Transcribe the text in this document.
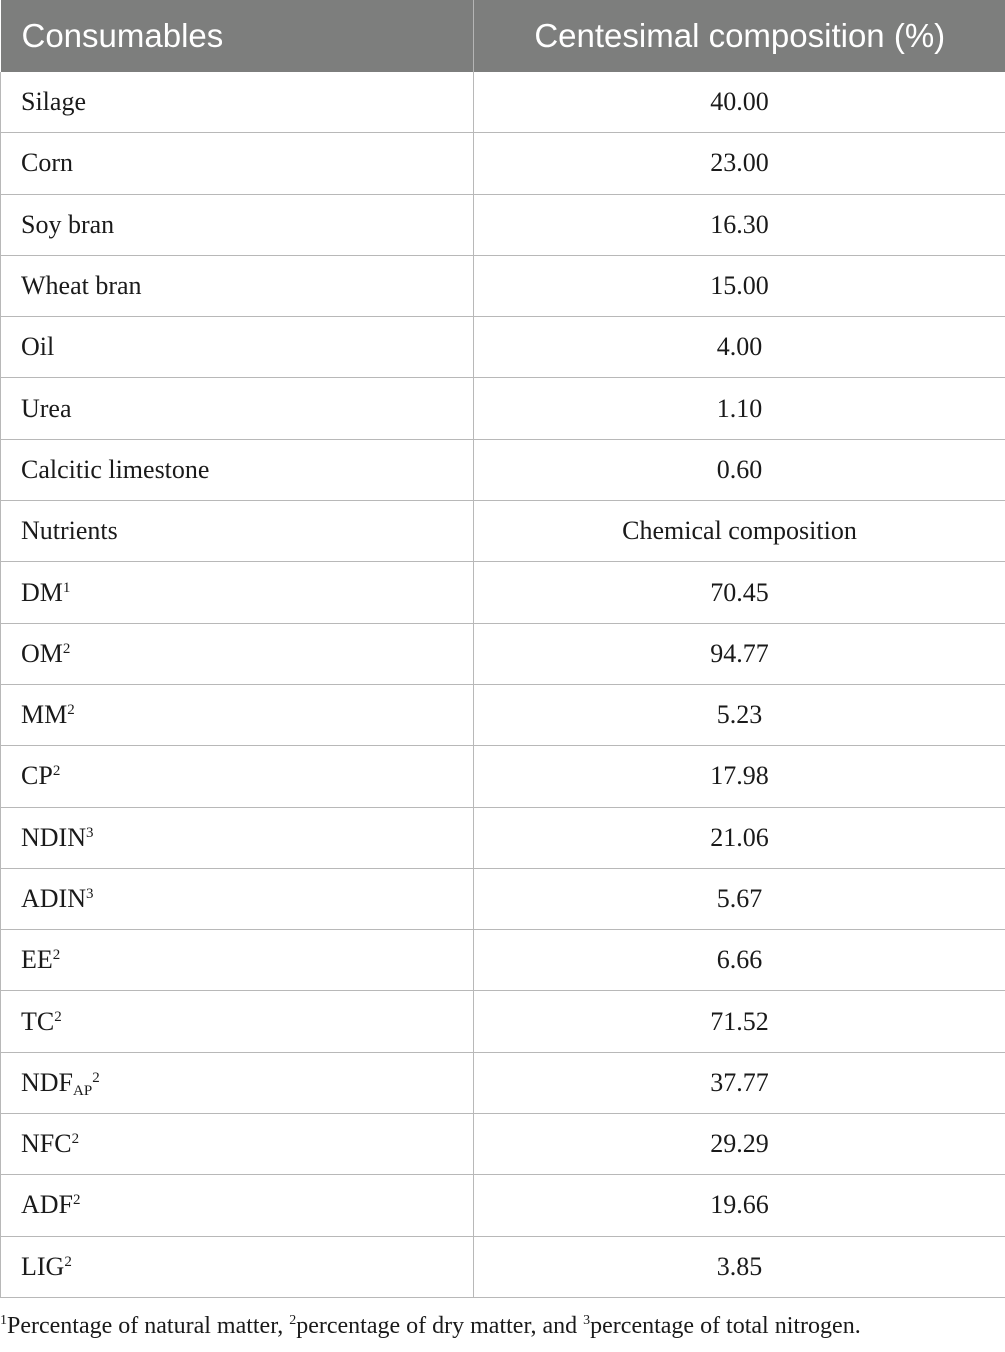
Consumables	Centesimal composition (%)
Silage	40.00
Corn	23.00
Soy bran	16.30
Wheat bran	15.00
Oil	4.00
Urea	1.10
Calcitic limestone	0.60
Nutrients	Chemical composition
$DM^1$	70.45
$OM^2$	94.77
$MM^2$	5.23
$CP^2$	17.98
NDIN$^3$	21.06
ADIN$^3$	5.67
$EE^2$	6.66
$TC^2$	71.52
$NDF_{AP}^2$	37.77
NFC$^2$	29.29
ADF$^2$	19.66
LIG$^2$	3.85
$^1$Percentage of natural matter, $^2$percentage of dry matter, and $^3$percentage of total nitrogen.
